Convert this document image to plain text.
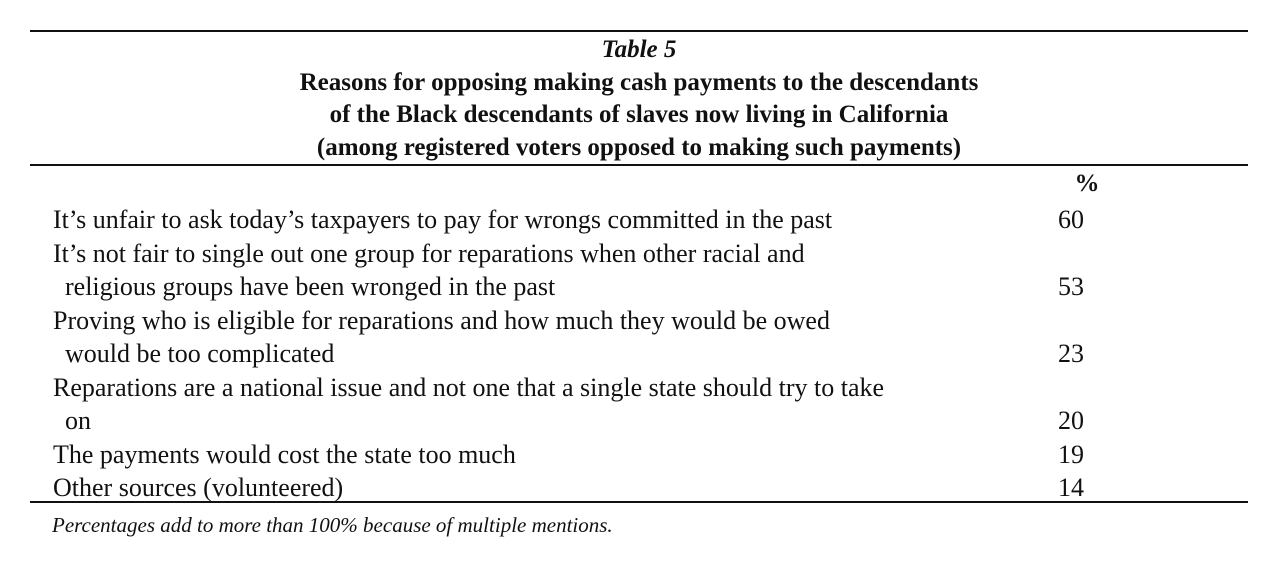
Table 5
Reasons for opposing making cash payments to the descendants
of the Black descendants of slaves now living in California
(among registered voters opposed to making such payments)
%
It’s unfair to ask today’s taxpayers to pay for wrongs committed in the past	60
It’s not fair to single out one group for reparations when other racial and
religious groups have been wronged in the past	53
Proving who is eligible for reparations and how much they would be owed
would be too complicated	23
Reparations are a national issue and not one that a single state should try to take
on	20
The payments would cost the state too much	19
Other sources (volunteered)	14
Percentages add to more than 100% because of multiple mentions.
